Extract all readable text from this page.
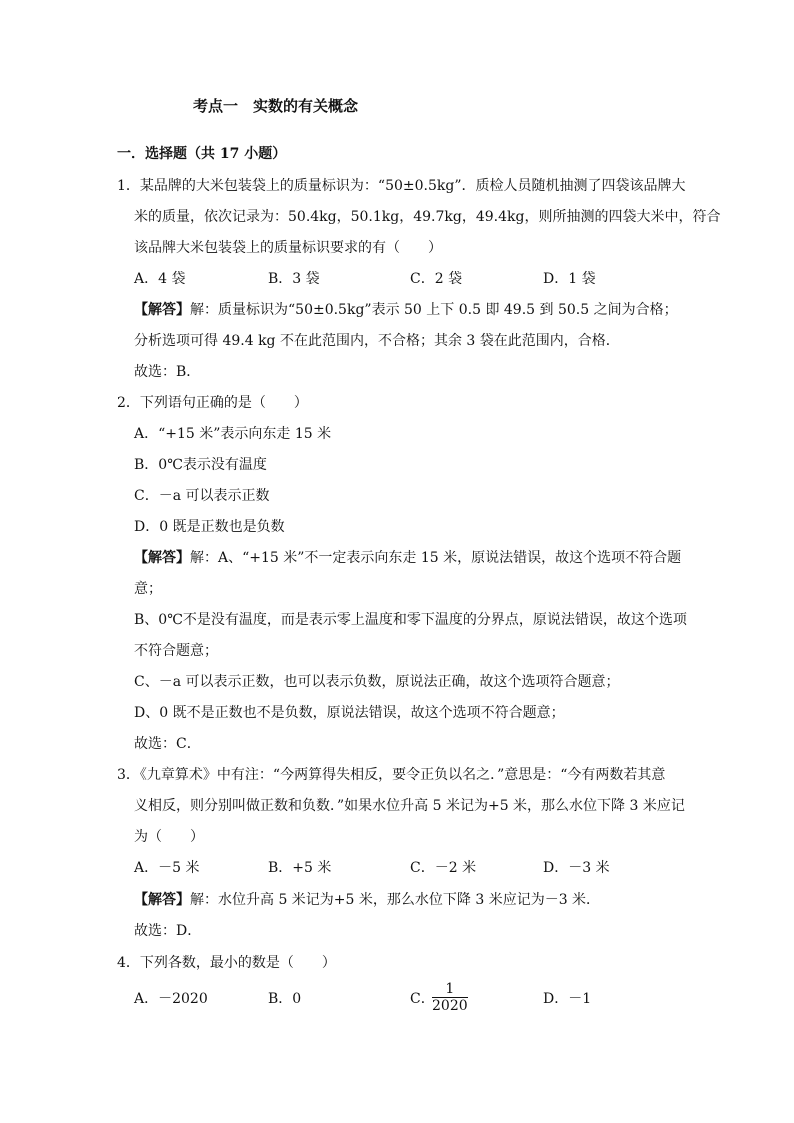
考点一　实数的有关概念
一．选择题（共 17 小题）
1．某品牌的大米包装袋上的质量标识为：“50±0.5kg”．质检人员随机抽测了四袋该品牌大
米的质量，依次记录为：50.4kg，50.1kg，49.7kg，49.4kg，则所抽测的四袋大米中，符合
该品牌大米包装袋上的质量标识要求的有（　　）
A．4 袋	B．3 袋	C．2 袋	D．1 袋
【解答】解：质量标识为“50±0.5kg”表示 50 上下 0.5 即 49.5 到 50.5 之间为合格；
分析选项可得 49.4 kg 不在此范围内，不合格；其余 3 袋在此范围内，合格．
故选：B．
2．下列语句正确的是（　　）
A．“+15 米”表示向东走 15 米
B．0℃表示没有温度
C．－a 可以表示正数
D．0 既是正数也是负数
【解答】解：A、“+15 米”不一定表示向东走 15 米，原说法错误，故这个选项不符合题
意；
B、0℃不是没有温度，而是表示零上温度和零下温度的分界点，原说法错误，故这个选项
不符合题意；
C、－a 可以表示正数，也可以表示负数，原说法正确，故这个选项符合题意；
D、0 既不是正数也不是负数，原说法错误，故这个选项不符合题意；
故选：C．
3．《九章算术》中有注：“今两算得失相反，要令正负以名之．”意思是：“今有两数若其意
义相反，则分别叫做正数和负数．”如果水位升高 5 米记为+5 米，那么水位下降 3 米应记
为（　　）
A．－5 米	B．+5 米	C．－2 米	D．－3 米
【解答】解：水位升高 5 米记为+5 米，那么水位下降 3 米应记为－3 米．
故选：D．
4．下列各数，最小的数是（　　）
A．－2020	B．0	C．
$\frac{1}{2020}$	D．－1
